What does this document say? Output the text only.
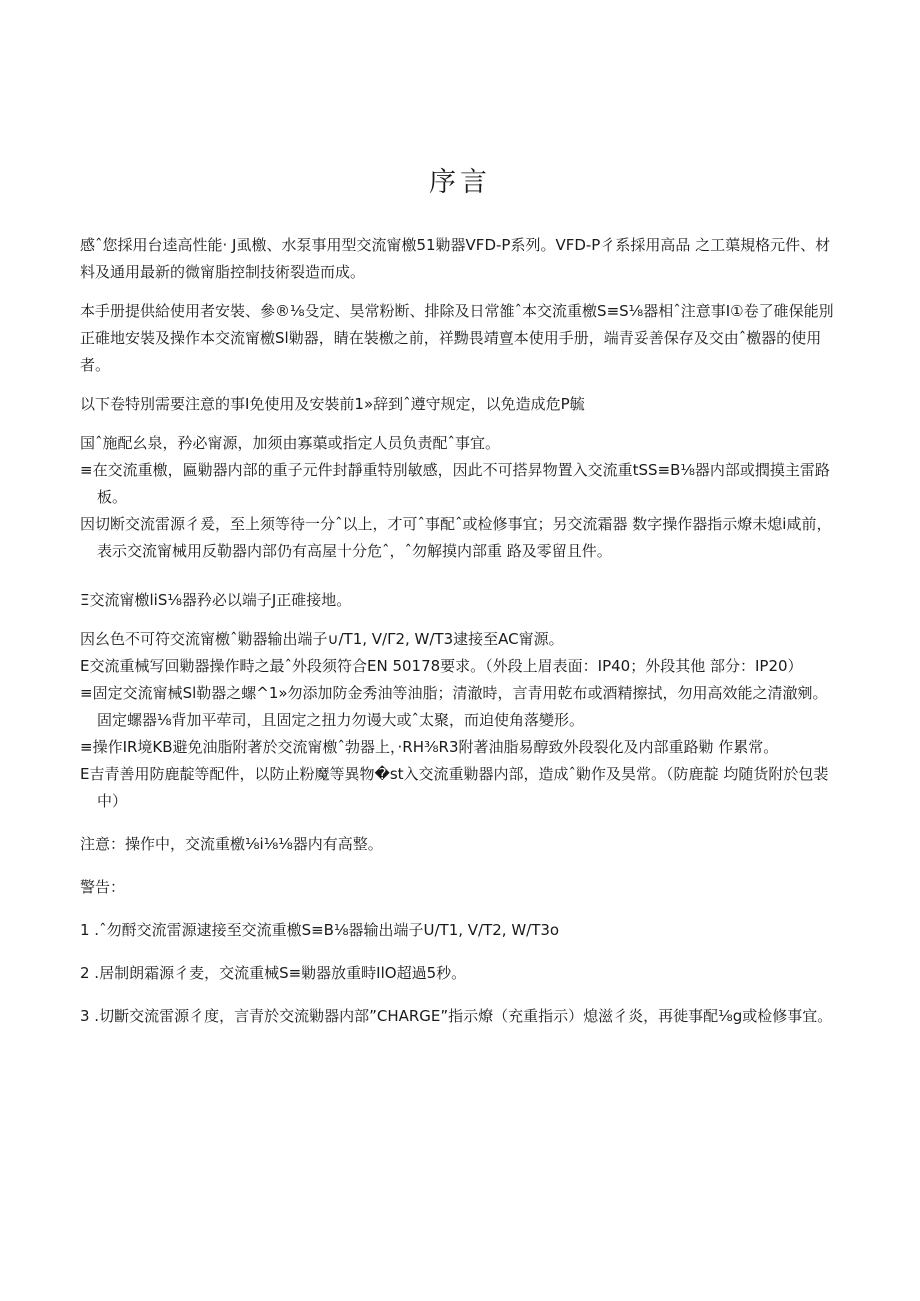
序言

感ˆ您採用台逵高性能· J虱檄、水泵事用型交流甯檄51勦器VFD-P系列。VFD-P彳系採用高品 之工蕖規格元件、材料及通用最新的微甯脂控制技術裂造而成。

本手册提供給使用者安裝、參®⅛殳定、昊常粉断、排除及日常雒ˆ本交流重檄S≡S⅛器相ˆ注意事Ι①卷了碓保能別正碓地安裝及操作本交流甯檄Sl勦器，睛在裝檄之前，祥黝畏靖亶本使用手册，端青妥善保存及交由ˆ檄器的使用者。

以下卷特別需要注意的事I免使用及安裝前1»辞到ˆ遵守规定，以免造成危P毓

国ˆ施配幺泉，矜必甯源，加须由寡蕖或指定人员负责配ˆ事宜。

≡在交流重檄，匾勦器内部的重子元件封靜重特別敏感，因此不可搭昇物置入交流重tSS≡B⅛器内部或撋摸主雷路板。

因切断交流雷源彳爰，至上须等待一分ˆ以上，才可ˆ事配ˆ或检修事宜；另交流霜器 数字操作器指示燎未熄i咸前，表示交流甯械用反勒器内部仍有高屋十分危ˆ，ˆ勿解摸内部重 路及零留且件。

Ξ交流甯檄liS⅛器矜必以端子J正碓接地。

因幺色不可符交流甯檄ˆ勦器输出端子∪/T1, V/Γ2, W/T3逮接至AC甯源。

E交流重械写回勦器操作畤之最ˆ外段须符合EN 50178要求。（外段上眉表面：IP40；外段其他 部分：IP20）

≡固定交流甯械Sl勒器之螺^1»勿添加防金秀油等油脂；清澈時，言青用乾布或酒精擦拭，勿用高效能之清澈剜。固定螺器⅛背加平荦司，且固定之扭力勿谩大或ˆ太聚，而迫使角落變形。

≡操作IR境KB避免油脂附著於交流甯檄ˆ勃器上，·RH⅜R3附著油脂易醇致外段裂化及内部重路勦 作累常。

E吉青善用防鹿靛等配件，以防止粉魔等異物�st入交流重勦器内部，造成ˆ勦作及昊常。（防鹿靛 均随货附於包裴中）

注意：操作中，交流重檄⅛i⅛⅛器内有高整。

警告：

1 .ˆ勿酹交流雷源逮接至交流重檄S≡B⅛器输出端子U/T1, V/T2, W/T3o

2 .居制朗霜源彳麦，交流重械S≡勦器放重畤IlO超過5秒。

3 .切斷交流雷源彳度，言青於交流勦器内部”CHARGE”指示燎（充重指示）熄滋彳炎，再徙事配⅛g或检修事宜。
